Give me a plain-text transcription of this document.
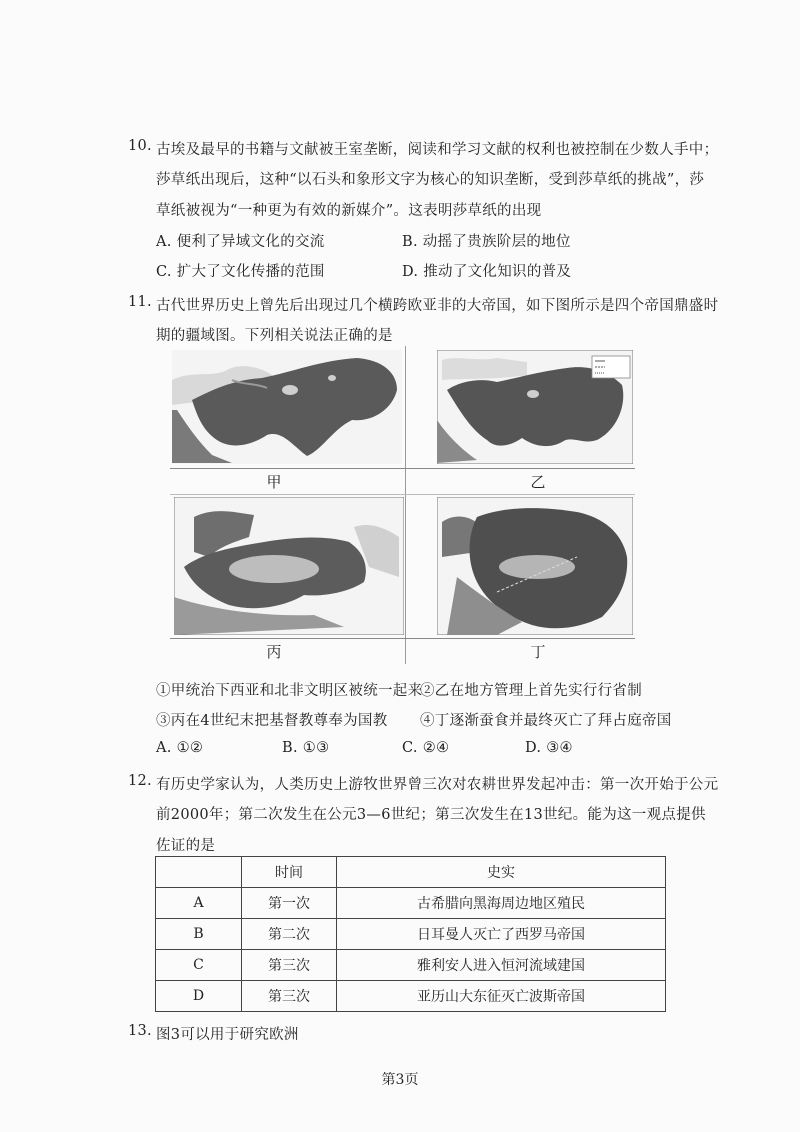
10. 古埃及最早的书籍与文献被王室垄断，阅读和学习文献的权利也被控制在少数人手中；
莎草纸出现后，这种“以石头和象形文字为核心的知识垄断，受到莎草纸的挑战”，莎
草纸被视为“一种更为有效的新媒介”。这表明莎草纸的出现
A. 便利了异域文化的交流	B. 动摇了贵族阶层的地位
C. 扩大了文化传播的范围	D. 推动了文化知识的普及
11. 古代世界历史上曾先后出现过几个横跨欧亚非的大帝国，如下图所示是四个帝国鼎盛时
期的疆域图。下列相关说法正确的是
甲	乙
丙	丁
①甲统治下西亚和北非文明区被统一起来
②乙在地方管理上首先实行行省制
③丙在4世纪末把基督教尊奉为国教 ④丁逐渐蚕食并最终灭亡了拜占庭帝国
A. ①②	B. ①③	C. ②④	D. ③④
12. 有历史学家认为，人类历史上游牧世界曾三次对农耕世界发起冲击：第一次开始于公元
前2000年；第二次发生在公元3—6世纪；第三次发生在13世纪。能为这一观点提供
佐证的是
	时间	史实
A	第一次	古希腊向黑海周边地区殖民
B	第二次	日耳曼人灭亡了西罗马帝国
C	第三次	雅利安人进入恒河流域建国
D	第三次	亚历山大东征灭亡波斯帝国
13. 图3可以用于研究欧洲
第3页
